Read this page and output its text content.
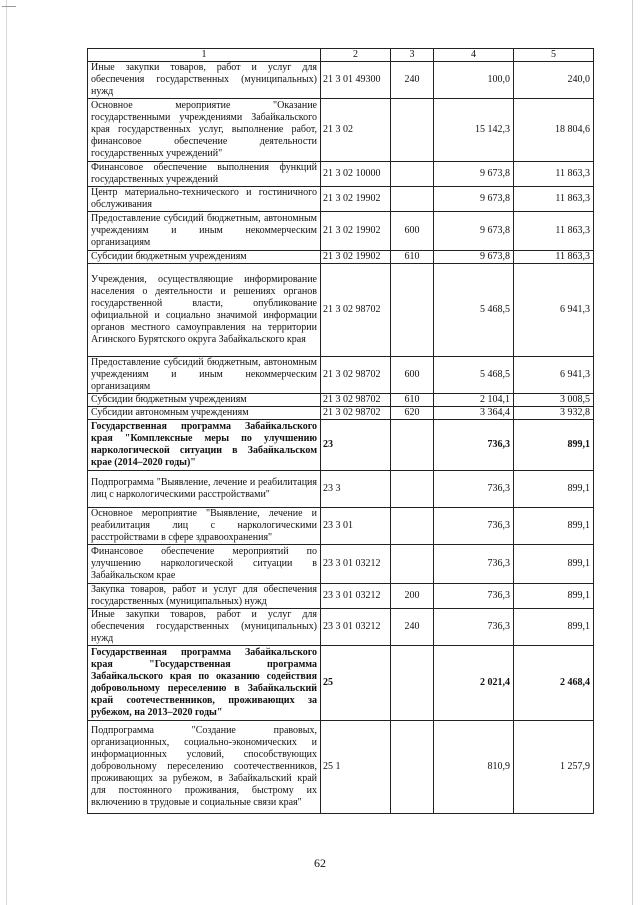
1	2	3	4	5
Иные закупки товаров, работ и услуг для обеспечения государственных (муниципальных) нужд	21 3 01 49300	240	100,0	240,0
Основное мероприятие "Оказание государственными учреждениями Забайкальского края государственных услуг, выполнение работ, финансовое обеспечение деятельности государственных учреждений"	21 3 02		15 142,3	18 804,6
Финансовое обеспечение выполнения функций государственных учреждений	21 3 02 10000		9 673,8	11 863,3
Центр материально-технического и гостиничного обслуживания	21 3 02 19902		9 673,8	11 863,3
Предоставление субсидий бюджетным, автономным учреждениям и иным некоммерческим организациям	21 3 02 19902	600	9 673,8	11 863,3
Субсидии бюджетным учреждениям	21 3 02 19902	610	9 673,8	11 863,3
Учреждения, осуществляющие информирование населения о деятельности и решениях органов государственной власти, опубликование официальной и социально значимой информации органов местного самоуправления на территории Агинского Бурятского округа Забайкальского края	21 3 02 98702		5 468,5	6 941,3
Предоставление субсидий бюджетным, автономным учреждениям и иным некоммерческим организациям	21 3 02 98702	600	5 468,5	6 941,3
Субсидии бюджетным учреждениям	21 3 02 98702	610	2 104,1	3 008,5
Субсидии автономным учреждениям	21 3 02 98702	620	3 364,4	3 932,8
Государственная программа Забайкальского края "Комплексные меры по улучшению наркологической ситуации в Забайкальском крае (2014–2020 годы)"	23		736,3	899,1
Подпрограмма "Выявление, лечение и реабилитация лиц с наркологическими расстройствами"	23 3		736,3	899,1
Основное мероприятие "Выявление, лечение и реабилитация лиц с наркологическими расстройствами в сфере здравоохранения"	23 3 01		736,3	899,1
Финансовое обеспечение мероприятий по улучшению наркологической ситуации в Забайкальском крае	23 3 01 03212		736,3	899,1
Закупка товаров, работ и услуг для обеспечения государственных (муниципальных) нужд	23 3 01 03212	200	736,3	899,1
Иные закупки товаров, работ и услуг для обеспечения государственных (муниципальных) нужд	23 3 01 03212	240	736,3	899,1
Государственная программа Забайкальского края "Государственная программа Забайкальского края по оказанию содействия добровольному переселению в Забайкальский край соотечественников, проживающих за рубежом, на 2013–2020 годы"	25		2 021,4	2 468,4
Подпрограмма "Создание правовых, организационных, социально-экономических и информационных условий, способствующих добровольному переселению соотечественников, проживающих за рубежом, в Забайкальский край для постоянного проживания, быстрому их включению в трудовые и социальные связи края"	25 1		810,9	1 257,9
62
